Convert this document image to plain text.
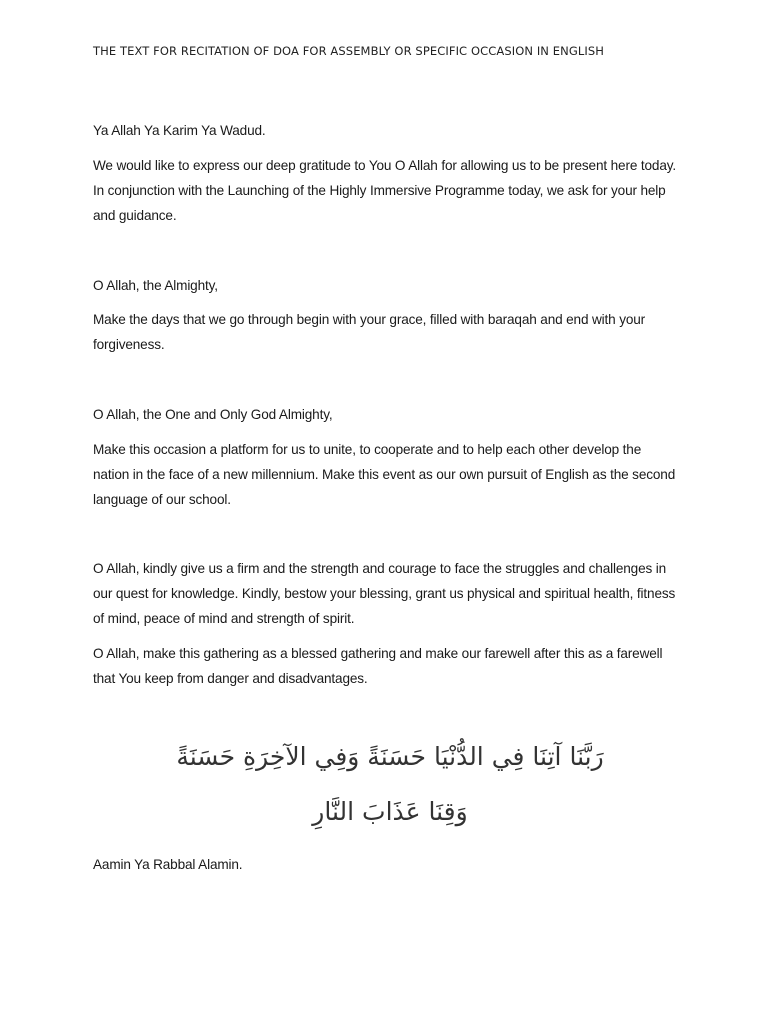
THE TEXT FOR RECITATION OF DOA FOR ASSEMBLY OR SPECIFIC OCCASION IN ENGLISH

Ya Allah Ya Karim Ya Wadud.

We would like to express our deep gratitude to You O Allah for allowing us to be present here today. In conjunction with the Launching of the Highly Immersive Programme today, we ask for your help and guidance.

O Allah, the Almighty,

Make the days that we go through begin with your grace, filled with baraqah and end with your forgiveness.

O Allah, the One and Only God Almighty,

Make this occasion a platform for us to unite, to cooperate and to help each other develop the nation in the face of a new millennium. Make this event as our own pursuit of English as the second language of our school.

O Allah, kindly give us a firm and the strength and courage to face the struggles and challenges in our quest for knowledge. Kindly, bestow your blessing, grant us physical and spiritual health, fitness of mind, peace of mind and strength of spirit.

O Allah, make this gathering as a blessed gathering and make our farewell after this as a farewell that You keep from danger and disadvantages.

رَبَّنَا آتِنَا فِي الدُّنْيَا حَسَنَةً وَفِي الآخِرَةِ حَسَنَةً
وَقِنَا عَذَابَ النَّارِ

Aamin Ya Rabbal Alamin.
